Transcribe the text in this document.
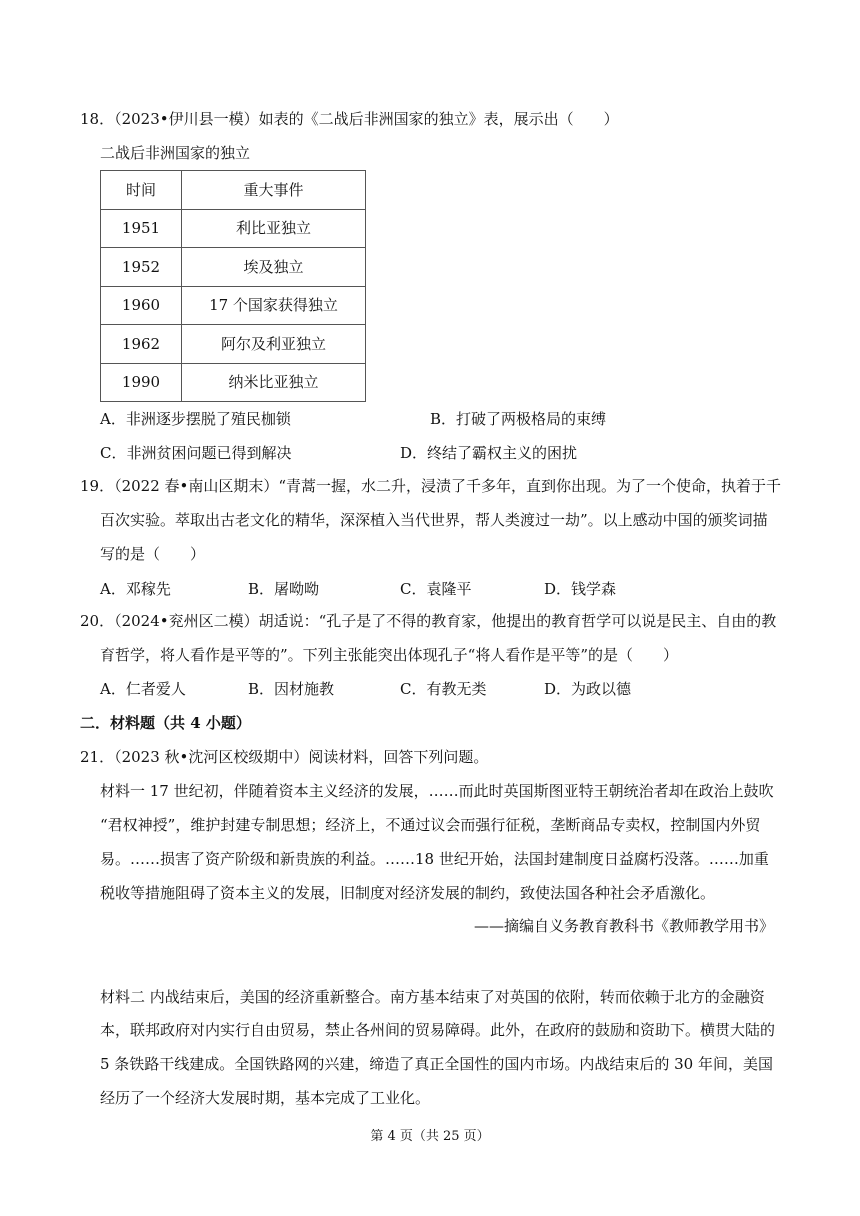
18．（2023•伊川县一模）如表的《二战后非洲国家的独立》表，展示出（　　）
二战后非洲国家的独立
时间	重大事件
1951	利比亚独立
1952	埃及独立
1960	17 个国家获得独立
1962	阿尔及利亚独立
1990	纳米比亚独立
A．非洲逐步摆脱了殖民枷锁	B．打破了两极格局的束缚
C．非洲贫困问题已得到解决	D．终结了霸权主义的困扰
19．（2022 春•南山区期末）“青蒿一握，水二升，浸渍了千多年，直到你出现。为了一个使命，执着于千
百次实验。萃取出古老文化的精华，深深植入当代世界，帮人类渡过一劫”。以上感动中国的颁奖词描
写的是（　　）
A．邓稼先	B．屠呦呦	C．袁隆平	D．钱学森
20．（2024•兖州区二模）胡适说：“孔子是了不得的教育家，他提出的教育哲学可以说是民主、自由的教
育哲学，将人看作是平等的”。下列主张能突出体现孔子“将人看作是平等”的是（　　）
A．仁者爱人	B．因材施教	C．有教无类	D．为政以德
二．材料题（共 4 小题）
21．（2023 秋•沈河区校级期中）阅读材料，回答下列问题。
材料一 17 世纪初，伴随着资本主义经济的发展，……而此时英国斯图亚特王朝统治者却在政治上鼓吹
“君权神授”，维护封建专制思想；经济上，不通过议会而强行征税，垄断商品专卖权，控制国内外贸
易。……损害了资产阶级和新贵族的利益。……18 世纪开始，法国封建制度日益腐朽没落。……加重
税收等措施阻碍了资本主义的发展，旧制度对经济发展的制约，致使法国各种社会矛盾激化。
——摘编自义务教育教科书《教师教学用书》
材料二 内战结束后，美国的经济重新整合。南方基本结束了对英国的依附，转而依赖于北方的金融资
本，联邦政府对内实行自由贸易，禁止各州间的贸易障碍。此外，在政府的鼓励和资助下。横贯大陆的
5 条铁路干线建成。全国铁路网的兴建，缔造了真正全国性的国内市场。内战结束后的 30 年间，美国
经历了一个经济大发展时期，基本完成了工业化。
第 4 页（共 25 页）
